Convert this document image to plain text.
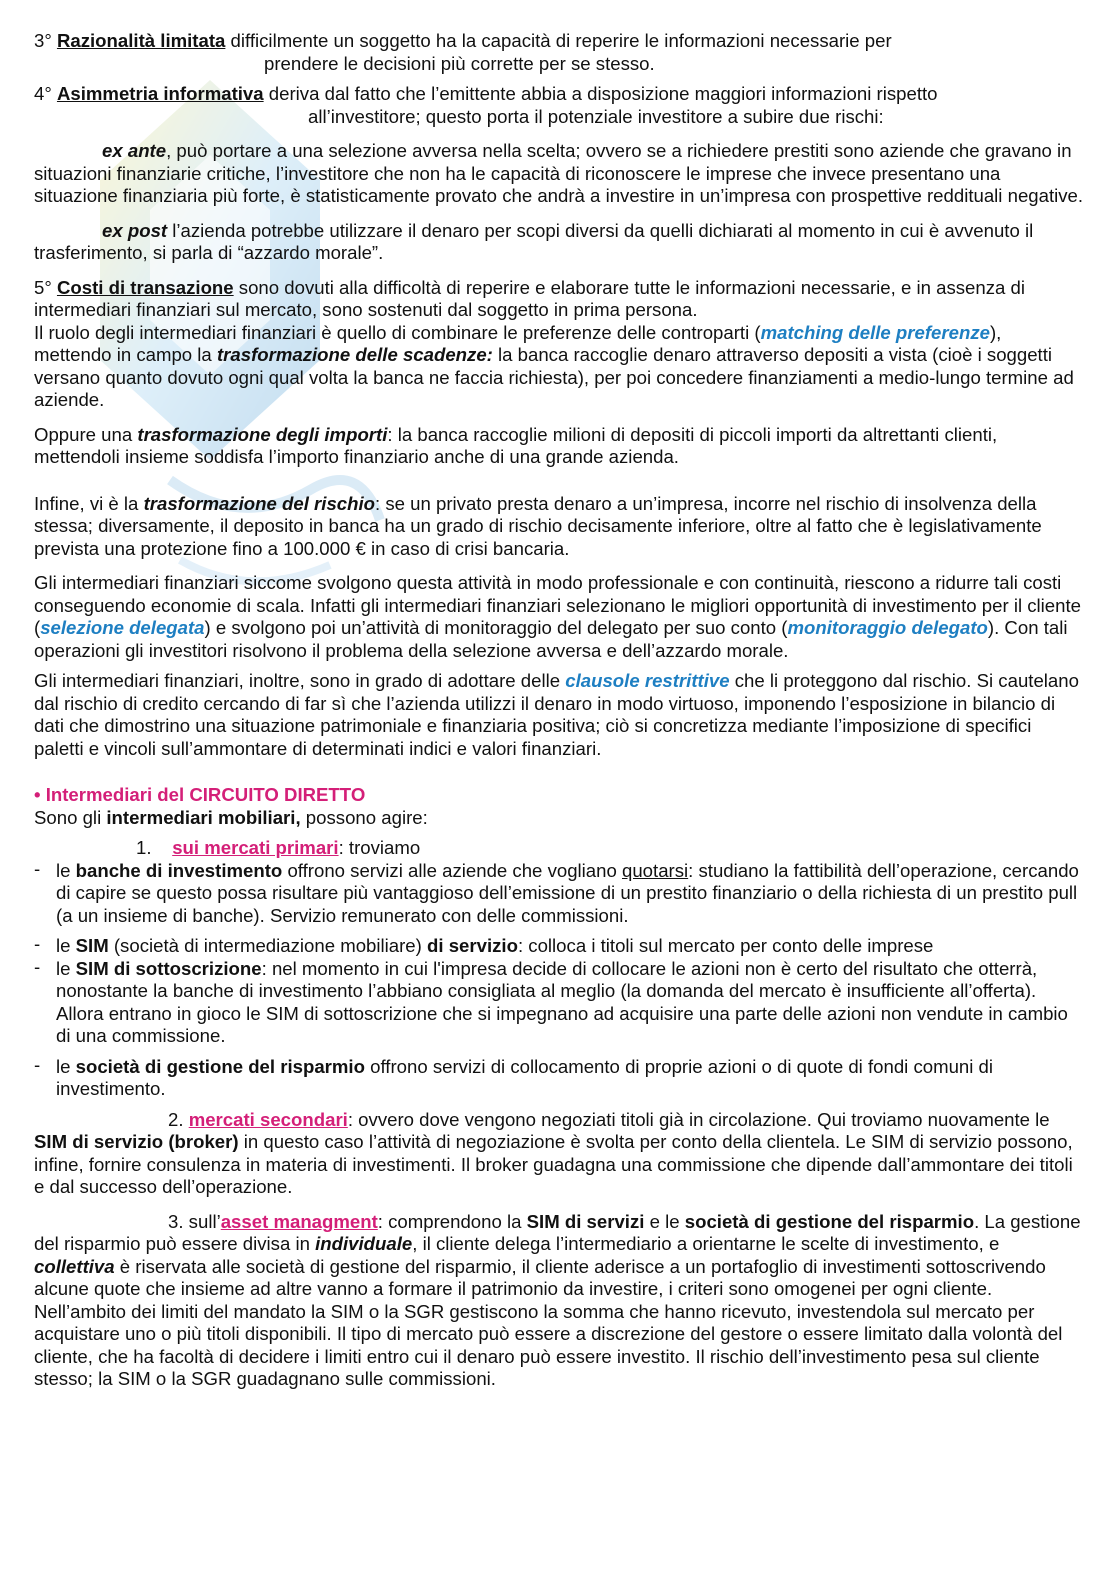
3° Razionalità limitata difficilmente un soggetto ha la capacità di reperire le informazioni necessarie per

prendere le decisioni più corrette per se stesso.

4° Asimmetria informativa deriva dal fatto che l’emittente abbia a disposizione maggiori informazioni rispetto

all’investitore; questo porta il potenziale investitore a subire due rischi:

ex ante, può portare a una selezione avversa nella scelta; ovvero se a richiedere prestiti sono aziende che gravano in situazioni finanziarie critiche, l’investitore che non ha le capacità di riconoscere le imprese che invece presentano una situazione finanziaria più forte, è statisticamente provato che andrà a investire in un’impresa con prospettive reddituali negative.

ex post l’azienda potrebbe utilizzare il denaro per scopi diversi da quelli dichiarati al momento in cui è avvenuto il trasferimento, si parla di “azzardo morale”.

5° Costi di transazione sono dovuti alla difficoltà di reperire e elaborare tutte le informazioni necessarie, e in assenza di intermediari finanziari sul mercato, sono sostenuti dal soggetto in prima persona.

Il ruolo degli intermediari finanziari è quello di combinare le preferenze delle controparti (matching delle preferenze), mettendo in campo la trasformazione delle scadenze: la banca raccoglie denaro attraverso depositi a vista (cioè i soggetti versano quanto dovuto ogni qual volta la banca ne faccia richiesta), per poi concedere finanziamenti a medio-lungo termine ad aziende.

Oppure una trasformazione degli importi: la banca raccoglie milioni di depositi di piccoli importi da altrettanti clienti, mettendoli insieme soddisfa l’importo finanziario anche di una grande azienda.

Infine, vi è la trasformazione del rischio: se un privato presta denaro a un’impresa, incorre nel rischio di insolvenza della stessa; diversamente, il deposito in banca ha un grado di rischio decisamente inferiore, oltre al fatto che è legislativamente prevista una protezione fino a 100.000 € in caso di crisi bancaria.

Gli intermediari finanziari siccome svolgono questa attività in modo professionale e con continuità, riescono a ridurre tali costi conseguendo economie di scala. Infatti gli intermediari finanziari selezionano le migliori opportunità di investimento per il cliente (selezione delegata) e svolgono poi un’attività di monitoraggio del delegato per suo conto (monitoraggio delegato). Con tali operazioni gli investitori risolvono il problema della selezione avversa e dell’azzardo morale.

Gli intermediari finanziari, inoltre, sono in grado di adottare delle clausole restrittive che li proteggono dal rischio. Si cautelano dal rischio di credito cercando di far sì che l’azienda utilizzi il denaro in modo virtuoso, imponendo l’esposizione in bilancio di dati che dimostrino una situazione patrimoniale e finanziaria positiva; ciò si concretizza mediante l’imposizione di specifici paletti e vincoli sull’ammontare di determinati indici e valori finanziari.

• Intermediari del CIRCUITO DIRETTO

Sono gli intermediari mobiliari, possono agire:

1. sui mercati primari: troviamo

- le banche di investimento offrono servizi alle aziende che vogliano quotarsi: studiano la fattibilità dell’operazione, cercando di capire se questo possa risultare più vantaggioso dell’emissione di un prestito finanziario o della richiesta di un prestito pull (a un insieme di banche). Servizio remunerato con delle commissioni.
- le SIM (società di intermediazione mobiliare) di servizio: colloca i titoli sul mercato per conto delle imprese
- le SIM di sottoscrizione: nel momento in cui l'impresa decide di collocare le azioni non è certo del risultato che otterrà, nonostante la banche di investimento l’abbiano consigliata al meglio (la domanda del mercato è insufficiente all’offerta). Allora entrano in gioco le SIM di sottoscrizione che si impegnano ad acquisire una parte delle azioni non vendute in cambio di una commissione.
- le società di gestione del risparmio offrono servizi di collocamento di proprie azioni o di quote di fondi comuni di investimento.

2. mercati secondari: ovvero dove vengono negoziati titoli già in circolazione. Qui troviamo nuovamente le SIM di servizio (broker) in questo caso l’attività di negoziazione è svolta per conto della clientela. Le SIM di servizio possono, infine, fornire consulenza in materia di investimenti. Il broker guadagna una commissione che dipende dall’ammontare dei titoli e dal successo dell’operazione.

3. sull’asset managment: comprendono la SIM di servizi e le società di gestione del risparmio. La gestione del risparmio può essere divisa in individuale, il cliente delega l’intermediario a orientarne le scelte di investimento, e collettiva è riservata alle società di gestione del risparmio, il cliente aderisce a un portafoglio di investimenti sottoscrivendo alcune quote che insieme ad altre vanno a formare il patrimonio da investire, i criteri sono omogenei per ogni cliente.

Nell’ambito dei limiti del mandato la SIM o la SGR gestiscono la somma che hanno ricevuto, investendola sul mercato per acquistare uno o più titoli disponibili. Il tipo di mercato può essere a discrezione del gestore o essere limitato dalla volontà del cliente, che ha facoltà di decidere i limiti entro cui il denaro può essere investito. Il rischio dell’investimento pesa sul cliente stesso; la SIM o la SGR guadagnano sulle commissioni.
